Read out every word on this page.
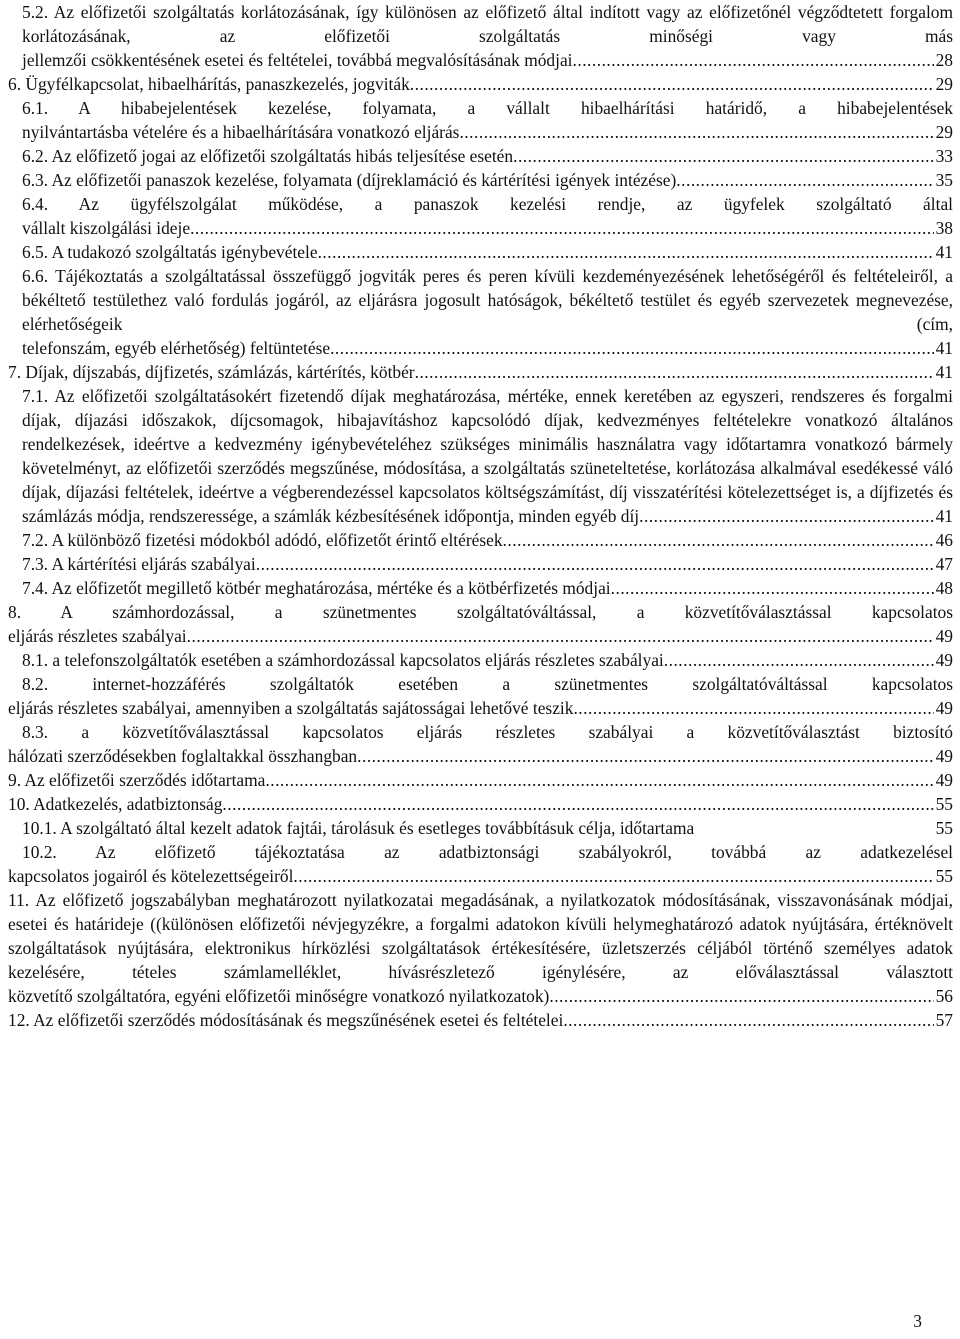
5.2. Az előfizetői szolgáltatás korlátozásának, így különösen az előfizető által indított vagy az előfizetőnél végződtetett forgalom korlátozásának, az előfizetői szolgáltatás minőségi vagy más
jellemzői csökkentésének esetei és feltételei, továbbá megvalósításának módjai .....	28
6. Ügyfélkapcsolat, hibaelhárítás, panaszkezelés, jogviták .....	29
6.1. A hibabejelentések kezelése, folyamata, a vállalt hibaelhárítási határidő, a hibabejelentések
nyilvántartásba vételére és a hibaelhárítására vonatkozó eljárás .....	29
6.2. Az előfizető jogai az előfizetői szolgáltatás hibás teljesítése esetén .....	33
6.3. Az előfizetői panaszok kezelése, folyamata (díjreklamáció és kártérítési igények intézése) .....	35
6.4. Az ügyfélszolgálat működése, a panaszok kezelési rendje, az ügyfelek szolgáltató által
vállalt kiszolgálási ideje .....	38
6.5. A tudakozó szolgáltatás igénybevétele .....	41
6.6. Tájékoztatás a szolgáltatással összefüggő jogviták peres és peren kívüli kezdeményezésének lehetőségéről és feltételeiről, a békéltető testülethez való fordulás jogáról, az eljárásra jogosult hatóságok, békéltető testület és egyéb szervezetek megnevezése, elérhetőségeik (cím,
telefonszám, egyéb elérhetőség) feltüntetése .....	41
7. Díjak, díjszabás, díjfizetés, számlázás, kártérítés, kötbér .....	41
7.1. Az előfizetői szolgáltatásokért fizetendő díjak meghatározása, mértéke, ennek keretében az egyszeri, rendszeres és forgalmi díjak, díjazási időszakok, díjcsomagok, hibajavításhoz kapcsolódó díjak, kedvezményes feltételekre vonatkozó általános rendelkezések, ideértve a kedvezmény igénybevételéhez szükséges minimális használatra vagy időtartamra vonatkozó bármely követelményt, az előfizetői szerződés megszűnése, módosítása, a szolgáltatás szüneteltetése, korlátozása alkalmával esedékessé váló díjak, díjazási feltételek, ideértve a végberendezéssel kapcsolatos költségszámítást, díj visszatérítési kötelezettséget is, a díjfizetés és
számlázás módja, rendszeressége, a számlák kézbesítésének időpontja, minden egyéb díj .....	41
7.2. A különböző fizetési módokból adódó, előfizetőt érintő eltérések .....	46
7.3. A kártérítési eljárás szabályai .....	47
7.4. Az előfizetőt megillető kötbér meghatározása, mértéke és a kötbérfizetés módjai .....	48
8. A számhordozással, a szünetmentes szolgáltatóváltással, a közvetítőválasztással kapcsolatos
eljárás részletes szabályai .....	49
8.1. a telefonszolgáltatók esetében a számhordozással kapcsolatos eljárás részletes szabályai .....	49
8.2. internet-hozzáférés szolgáltatók esetében a szünetmentes szolgáltatóváltással kapcsolatos
eljárás részletes szabályai, amennyiben a szolgáltatás sajátosságai lehetővé teszik .....	49
8.3. a közvetítőválasztással kapcsolatos eljárás részletes szabályai a közvetítőválasztást biztosító
hálózati szerződésekben foglaltakkal összhangban .....	49
9. Az előfizetői szerződés időtartama .....	49
10. Adatkezelés, adatbiztonság .....	55
10.1. A szolgáltató által kezelt adatok fajtái, tárolásuk és esetleges továbbításuk célja, időtartama	55
10.2. Az előfizető tájékoztatása az adatbiztonsági szabályokról, továbbá az adatkezelésel
kapcsolatos jogairól és kötelezettségeiről .....	55
11. Az előfizető jogszabályban meghatározott nyilatkozatai megadásának, a nyilatkozatok módosításának, visszavonásának módjai, esetei és határideje ((különösen előfizetői névjegyzékre, a forgalmi adatokon kívüli helymeghatározó adatok nyújtására, értéknövelt szolgáltatások nyújtására, elektronikus hírközlési szolgáltatások értékesítésére, üzletszerzés céljából történő személyes adatok kezelésére, tételes számlamelléklet, hívásrészletező igénylésére, az előválasztással választott
közvetítő szolgáltatóra, egyéni előfizetői minőségre vonatkozó nyilatkozatok) .....	56
12. Az előfizetői szerződés módosításának és megszűnésének esetei és feltételei .....	57
3
